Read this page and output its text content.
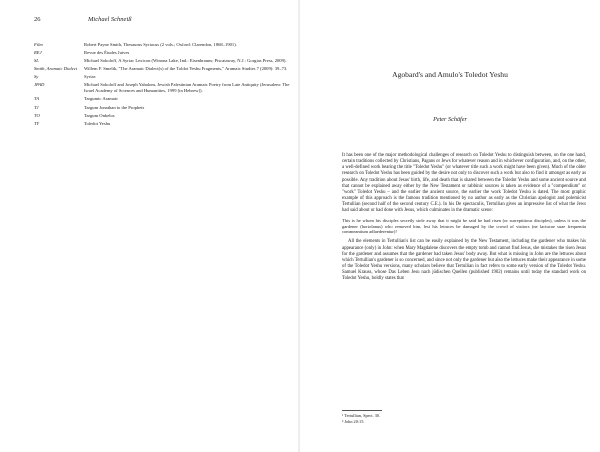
26	Michael Schneiß
Film	Robert Payne Smith, Thesaurus Syriacus (2 vols.; Oxford: Clarendon, 1868–1901).
REJ	Revue des Études Juives
SL	Michael Sokoloff, A Syriac Lexicon (Winona Lake, Ind.: Eisenbrauns; Piscataway, N.J.: Gorgias Press, 2009).
Smith, Aramaic Dialect	Willem F. Smelik, "The Aramaic Dialect(s) of the Toldot Yeshu Fragments," Aramaic Studies 7 (2009): 39–73.
Sy	Syriac
JPAD	Michael Sokoloff and Joseph Yahalom, Jewish Palestinian Aramaic Poetry from Late Antiquity (Jerusalem: The Israel Academy of Sciences and Humanities, 1999 [in Hebrew]).
TA	Targumic Aramaic
TJ	Targum Jonathan to the Prophets
TO	Targum Onkelos
TY	Toledot Yeshu
Agobard's and Amulo's Toledot Yeshu
Peter Schäfer

It has been one of the major methodological challenges of research on Toledot Yeshu to distinguish between, on the one hand, certain traditions collected by Christians, Pagans or Jews for whatever reason and in whichever configuration, and, on the other, a well-defined work bearing the title "Toledot Yeshu" (or whatever title such a work might have been given). Much of the older research on Toledot Yeshu has been guided by the desire not only to discover such a work but also to find it amongst as early as possible. Any tradition about Jesus' birth, life, and death that is shared between the Toledot Yeshu and some ancient source and that cannot be explained away either by the New Testament or rabbinic sources is taken as evidence of a "compendium" or "work" Toledot Yeshu – and the earlier the ancient source, the earlier the work Toledot Yeshu is dated. The most graphic example of this approach is the famous tradition mentioned by no author as early as the Christian apologist and polemicist Tertullian (second half of the second century C.E.). In his De spectaculis, Tertullian gives an impressive list of what the Jews had said about or had done with Jesus, which culminates in the dramatic scene:

This is he whom his disciples secretly stole away that it might be said he had risen (or surreptitious disciples), unless it was the gardener (hortolanus) who removed him, lest his lettuces be damaged by the crowd of visitors (ne lactucae suae frequentia commeantium adlaederentur)!

All the elements in Tertullian's list can be easily explained by the New Testament, including the gardener who makes his appearance (only) in John: when Mary Magdalene discovers the empty tomb and cannot find Jesus, she mistakes the risen Jesus for the gardener and assumes that the gardener had taken Jesus' body away. But what is missing in John are the lettuces about which Tertullian's gardener is so concerned, and since not only the gardener but also the lettuces make their appearance in some of the Toledot Yeshu versions, many scholars believe that Tertullian in fact refers to some early version of the Toledot Yeshu. Samuel Krauss, whose Das Leben Jesu nach jüdischen Quellen (published 1902) remains until today the standard work on Toledot Yeshu, boldly states that

¹ Tertullian, Spect. 30.

² John 20:15.
